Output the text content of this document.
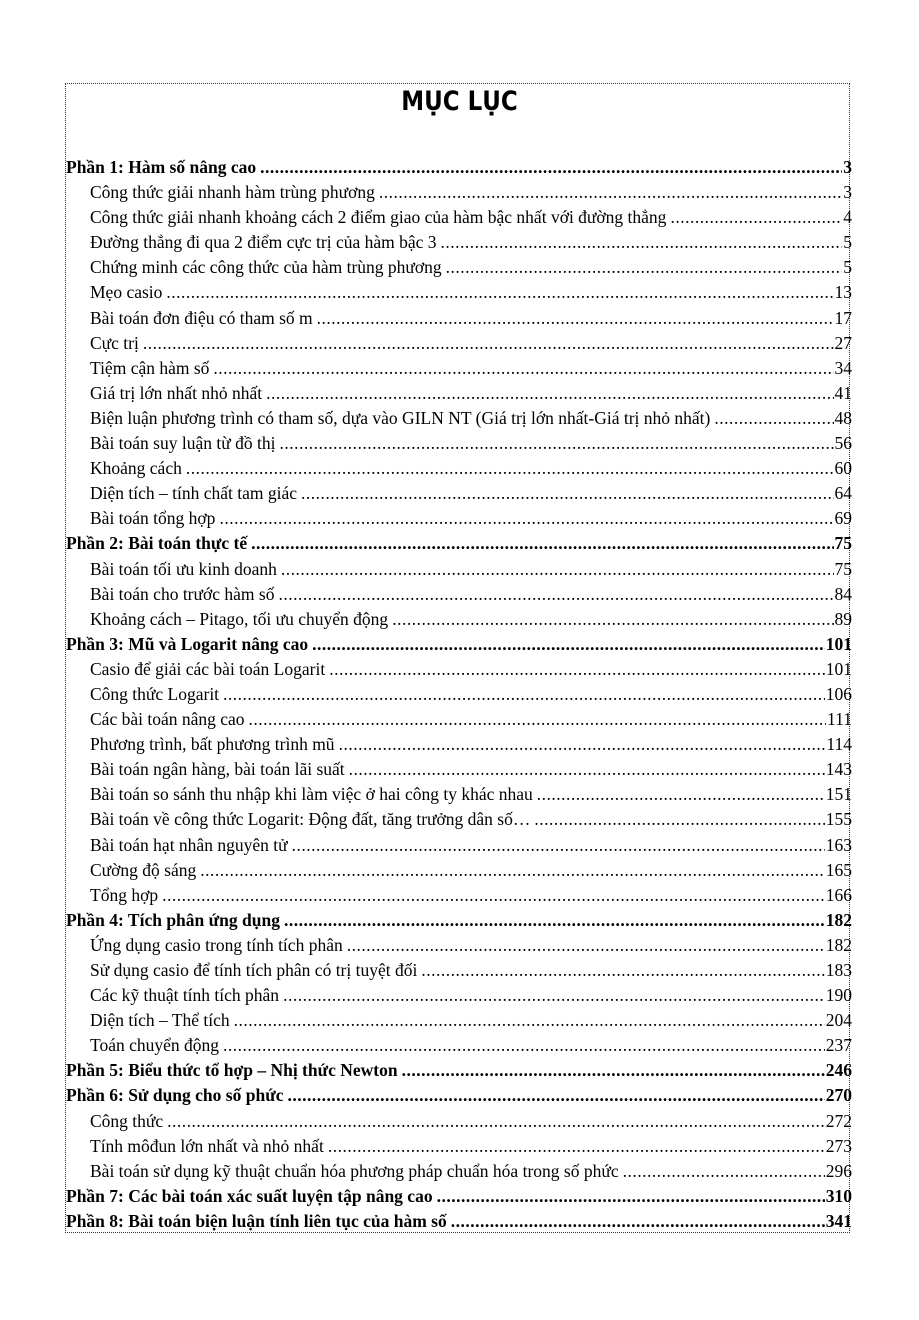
MỤC LỤC
Phần 1: Hàm số nâng cao .....	3
Công thức giải nhanh hàm trùng phương .....	3
Công thức giải nhanh khoảng cách 2 điểm giao của hàm bậc nhất với đường thẳng .....	4
Đường thẳng đi qua 2 điểm cực trị của hàm bậc 3 .....	5
Chứng minh các công thức của hàm trùng phương .....	5
Mẹo casio .....	13
Bài toán đơn điệu có tham số m .....	17
Cực trị .....	27
Tiệm cận hàm số .....	34
Giá trị lớn nhất nhỏ nhất .....	41
Biện luận phương trình có tham số, dựa vào GILN NT (Giá trị lớn nhất-Giá trị nhỏ nhất) .....	48
Bài toán suy luận từ đồ thị .....	56
Khoảng cách .....	60
Diện tích – tính chất tam giác .....	64
Bài toán tổng hợp .....	69
Phần 2: Bài toán thực tế .....	75
Bài toán tối ưu kinh doanh .....	75
Bài toán cho trước hàm số .....	84
Khoảng cách – Pitago, tối ưu chuyển động .....	89
Phần 3: Mũ và Logarit nâng cao .....	101
Casio để giải các bài toán Logarit .....	101
Công thức Logarit .....	106
Các bài toán nâng cao .....	111
Phương trình, bất phương trình mũ .....	114
Bài toán ngân hàng, bài toán lãi suất .....	143
Bài toán so sánh thu nhập khi làm việc ở hai công ty khác nhau .....	151
Bài toán về công thức Logarit: Động đất, tăng trưởng dân số… .....	155
Bài toán hạt nhân nguyên tử .....	163
Cường độ sáng .....	165
Tổng hợp .....	166
Phần 4: Tích phân ứng dụng .....	182
Ứng dụng casio trong tính tích phân .....	182
Sử dụng casio để tính tích phân có trị tuyệt đối .....	183
Các kỹ thuật tính tích phân .....	190
Diện tích – Thể tích .....	204
Toán chuyển động .....	237
Phần 5: Biểu thức tổ hợp – Nhị thức Newton .....	246
Phần 6: Sử dụng cho số phức .....	270
Công thức .....	272
Tính môđun lớn nhất và nhỏ nhất .....	273
Bài toán sử dụng kỹ thuật chuẩn hóa phương pháp chuẩn hóa trong số phức .....	296
Phần 7: Các bài toán xác suất luyện tập nâng cao .....	310
Phần 8: Bài toán biện luận tính liên tục của hàm số .....	341
